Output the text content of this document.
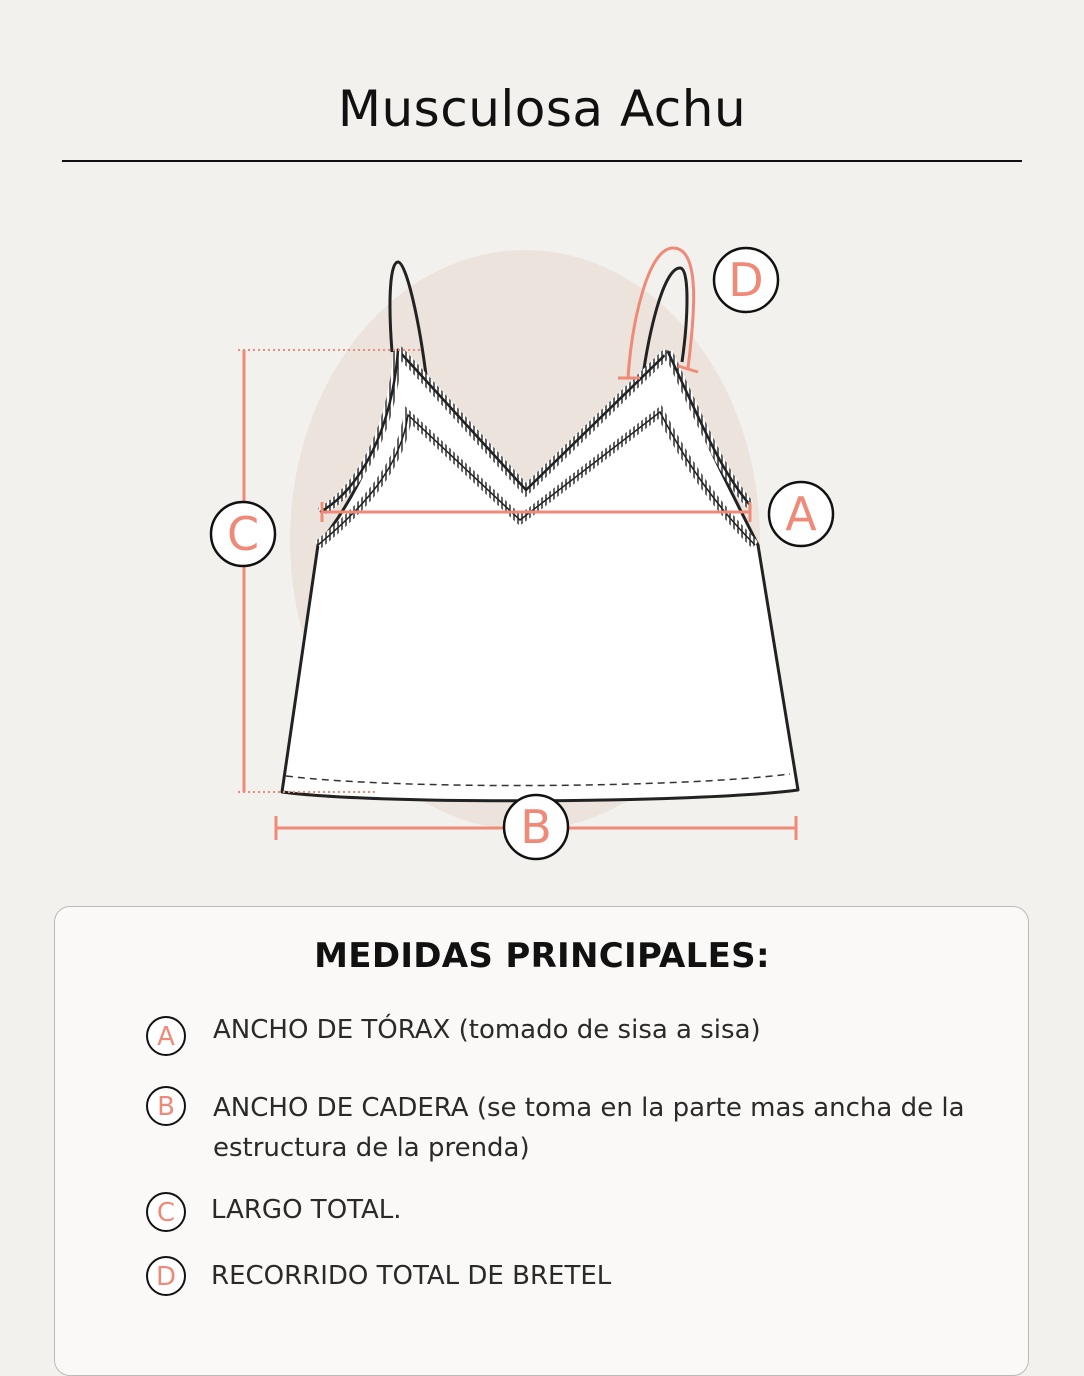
Musculosa Achu
A
B
C
D
MEDIDAS PRINCIPALES:
A	ANCHO DE TÓRAX (tomado de sisa a sisa)
B	ANCHO DE CADERA (se toma en la parte mas ancha de la estructura de la prenda)
C	LARGO TOTAL.
D	RECORRIDO TOTAL DE BRETEL
